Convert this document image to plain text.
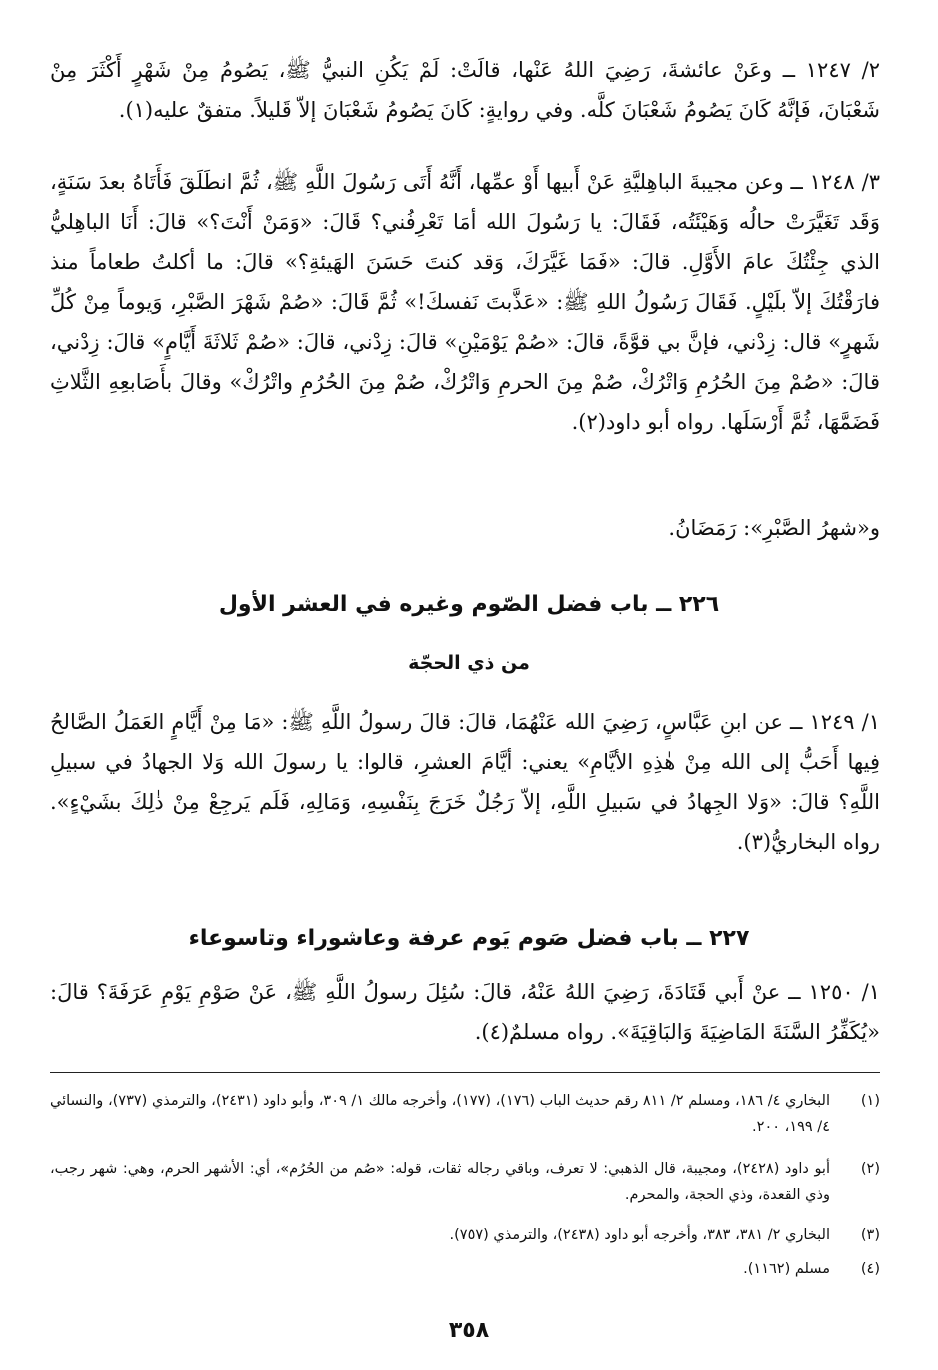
٢/ ١٢٤٧ ــ وعَنْ عائشةَ، رَضِيَ اللهُ عَنْها، قالَتْ: لَمْ يَكُنِ النبيُّ ﷺ، يَصُومُ مِنْ شَهْرٍ أَكْثَرَ مِنْ شَعْبَانَ، فَإنَّهُ كَانَ يَصُومُ شَعْبَانَ كلَّه. وفي روايةٍ: كَانَ يَصُومُ شَعْبَانَ إلاّ قَليلاً. متفقٌ عليه(١).

٣/ ١٢٤٨ ــ وعن مجيبةَ الباهِليَّةِ عَنْ أَبيها أَوْ عمِّها، أَنَّهُ أَتَى رَسُولَ اللَّهِ ﷺ، ثُمَّ انطَلَقَ فَأَتَاهُ بعدَ سَنَةٍ، وَقَد تَغَيَّرَتْ حالُه وَهَيْئَتُه، فَقَالَ: يا رَسُولَ الله أمَا تَعْرِفُني؟ قَالَ: «وَمَنْ أَنْتَ؟» قالَ: أَنَا الباهِليُّ الذي جِئْتُكَ عامَ الأَوَّلِ. قالَ: «فَمَا غَيَّرَكَ، وَقد كنتَ حَسَنَ الهَيئةِ؟» قالَ: ما أكلتُ طعاماً منذ فارَقْتُكَ إلاّ بلَيْلٍ. فَقَالَ رَسُولُ اللهِ ﷺ: «عَذَّبتَ نَفسكَ!» ثُمَّ قَالَ: «صُمْ شَهْرَ الصَّبْرِ، وَيوماً مِنْ كُلِّ شَهرٍ» قال: زِدْني، فإنَّ بي قوَّةً، قالَ: «صُمْ يَوْمَيْنِ» قالَ: زِدْني، قالَ: «صُمْ ثَلاثَةَ أَيَّامٍ» قالَ: زِدْني، قالَ: «صُمْ مِنَ الحُرُمِ وَاتْرُكْ، صُمْ مِنَ الحرمِ وَاتْرُكْ، صُمْ مِنَ الحُرُمِ واتْرُكْ» وقالَ بأَصَابعِهِ الثَّلاثِ فَضَمَّهَا، ثُمَّ أَرْسَلَها. رواه أبو داود(٢).

و«شهرُ الصَّبْرِ»: رَمَضَانُ.

٢٢٦ ــ باب فضل الصّوم وغيره في العشر الأول
من ذي الحجّة

١/ ١٢٤٩ ــ عن ابنِ عَبَّاسٍ، رَضِيَ الله عَنْهُمَا، قالَ: قالَ رسولُ اللَّهِ ﷺ: «مَا مِنْ أَيَّامٍ العَمَلُ الصَّالحُ فِيها أَحَبُّ إلى الله مِنْ هٰذِهِ الأيَّامِ» يعني: أيَّامَ العشرِ، قالوا: يا رسولَ الله وَلا الجهادُ في سبيلِ اللَّهِ؟ قالَ: «وَلا الجِهادُ في سَبيلِ اللَّهِ، إلاّ رَجُلٌ خَرَجَ بِنَفْسِهِ، وَمَالِهِ، فَلَم يَرجِعْ مِنْ ذٰلِكَ بشَيْءٍ». رواه البخاريُّ(٣).

٢٢٧ ــ باب فضل صَوم يَوم عرفة وعاشوراء وتاسوعاء

١/ ١٢٥٠ ــ عنْ أَبي قَتَادَةَ، رَضِيَ اللهُ عَنْهُ، قالَ: سُئِلَ رسولُ اللَّهِ ﷺ، عَنْ صَوْمِ يَوْمِ عَرَفَةَ؟ قالَ: «يُكَفِّرُ السَّنَةَ المَاضِيَةَ وَالبَاقِيَةَ». رواه مسلمٌ(٤).

(١)
البخاري ٤/ ١٨٦، ومسلم ٢/ ٨١١ رقم حديث الباب (١٧٦)، (١٧٧)، وأخرجه مالك ١/ ٣٠٩، وأبو داود (٢٤٣١)، والترمذي (٧٣٧)، والنسائي ٤/ ١٩٩، ٢٠٠.
(٢)
أبو داود (٢٤٢٨)، ومجيبة، قال الذهبي: لا تعرف، وباقي رجاله ثقات، قوله: «صُم من الحُرُم»، أي: الأشهر الحرم، وهي: شهر رجب، وذي القعدة، وذي الحجة، والمحرم.
(٣)
البخاري ٢/ ٣٨١، ٣٨٣، وأخرجه أبو داود (٢٤٣٨)، والترمذي (٧٥٧).
(٤)
مسلم (١١٦٢).
٣٥٨
